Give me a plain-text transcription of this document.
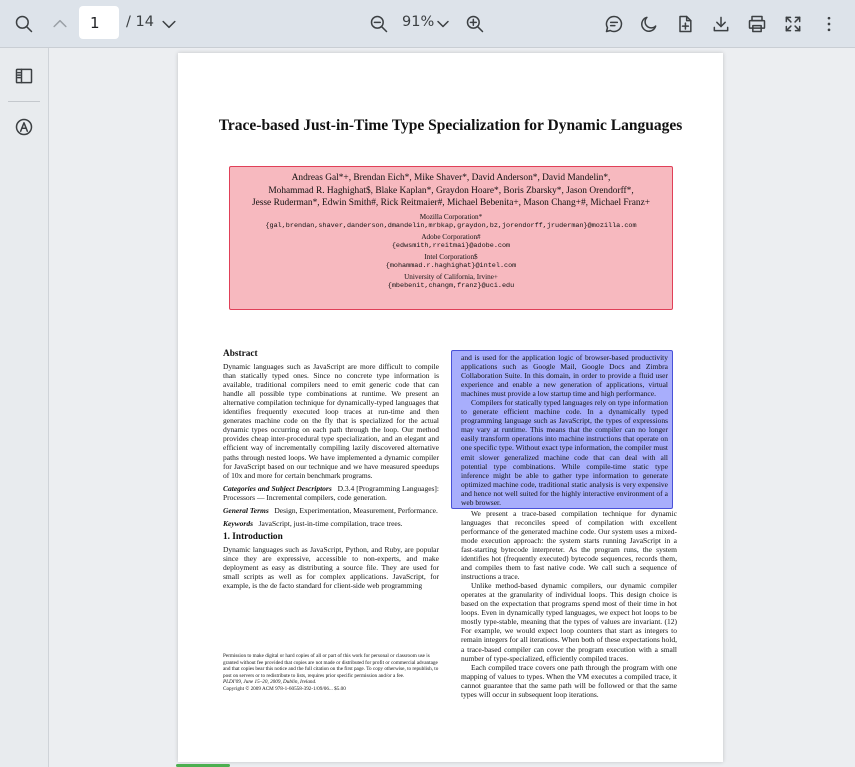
1
/ 14	91%
Trace-based Just-in-Time Type Specialization for Dynamic Languages
Andreas Gal*+, Brendan Eich*, Mike Shaver*, David Anderson*, David Mandelin*,
Mohammad R. Haghighat$, Blake Kaplan*, Graydon Hoare*, Boris Zbarsky*, Jason Orendorff*,
Jesse Ruderman*, Edwin Smith#, Rick Reitmaier#, Michael Bebenita+, Mason Chang+#, Michael Franz+
Mozilla Corporation*
{gal,brendan,shaver,danderson,dmandelin,mrbkap,graydon,bz,jorendorff,jruderman}@mozilla.com
Adobe Corporation#
{edwsmith,rreitmai}@adobe.com
Intel Corporation$
{mohammad.r.haghighat}@intel.com
University of California, Irvine+
{mbebenit,changm,franz}@uci.edu
Abstract

Dynamic languages such as JavaScript are more difficult to compile than statically typed ones. Since no concrete type information is available, traditional compilers need to emit generic code that can handle all possible type combinations at runtime. We present an alternative compilation technique for dynamically-typed languages that identifies frequently executed loop traces at run-time and then generates machine code on the fly that is specialized for the actual dynamic types occurring on each path through the loop. Our method provides cheap inter-procedural type specialization, and an elegant and efficient way of incrementally compiling lazily discovered alternative paths through nested loops. We have implemented a dynamic compiler for JavaScript based on our technique and we have measured speedups of 10x and more for certain benchmark programs.

Categories and Subject Descriptors D.3.4 [Programming Languages]: Processors — Incremental compilers, code generation.

General Terms Design, Experimentation, Measurement, Performance.

Keywords JavaScript, just-in-time compilation, trace trees.

1. Introduction

Dynamic languages such as JavaScript, Python, and Ruby, are popular since they are expressive, accessible to non-experts, and make deployment as easy as distributing a source file. They are used for small scripts as well as for complex applications. JavaScript, for example, is the de facto standard for client-side web programming

Permission to make digital or hard copies of all or part of this work for personal or classroom use is granted without fee provided that copies are not made or distributed for profit or commercial advantage and that copies bear this notice and the full citation on the first page. To copy otherwise, to republish, to post on servers or to redistribute to lists, requires prior specific permission and/or a fee.
PLDI'09, June 15–20, 2009, Dublin, Ireland.
Copyright © 2009 ACM 978-1-60558-392-1/09/06... $5.00

and is used for the application logic of browser-based productivity applications such as Google Mail, Google Docs and Zimbra Collaboration Suite. In this domain, in order to provide a fluid user experience and enable a new generation of applications, virtual machines must provide a low startup time and high performance.

Compilers for statically typed languages rely on type information to generate efficient machine code. In a dynamically typed programming language such as JavaScript, the types of expressions may vary at runtime. This means that the compiler can no longer easily transform operations into machine instructions that operate on one specific type. Without exact type information, the compiler must emit slower generalized machine code that can deal with all potential type combinations. While compile-time static type inference might be able to gather type information to generate optimized machine code, traditional static analysis is very expensive and hence not well suited for the highly interactive environment of a web browser.

We present a trace-based compilation technique for dynamic languages that reconciles speed of compilation with excellent performance of the generated machine code. Our system uses a mixed-mode execution approach: the system starts running JavaScript in a fast-starting bytecode interpreter. As the program runs, the system identifies hot (frequently executed) bytecode sequences, records them, and compiles them to fast native code. We call such a sequence of instructions a trace.

Unlike method-based dynamic compilers, our dynamic compiler operates at the granularity of individual loops. This design choice is based on the expectation that programs spend most of their time in hot loops. Even in dynamically typed languages, we expect hot loops to be mostly type-stable, meaning that the types of values are invariant. (12) For example, we would expect loop counters that start as integers to remain integers for all iterations. When both of these expectations hold, a trace-based compiler can cover the program execution with a small number of type-specialized, efficiently compiled traces.

Each compiled trace covers one path through the program with one mapping of values to types. When the VM executes a compiled trace, it cannot guarantee that the same path will be followed or that the same types will occur in subsequent loop iterations.
